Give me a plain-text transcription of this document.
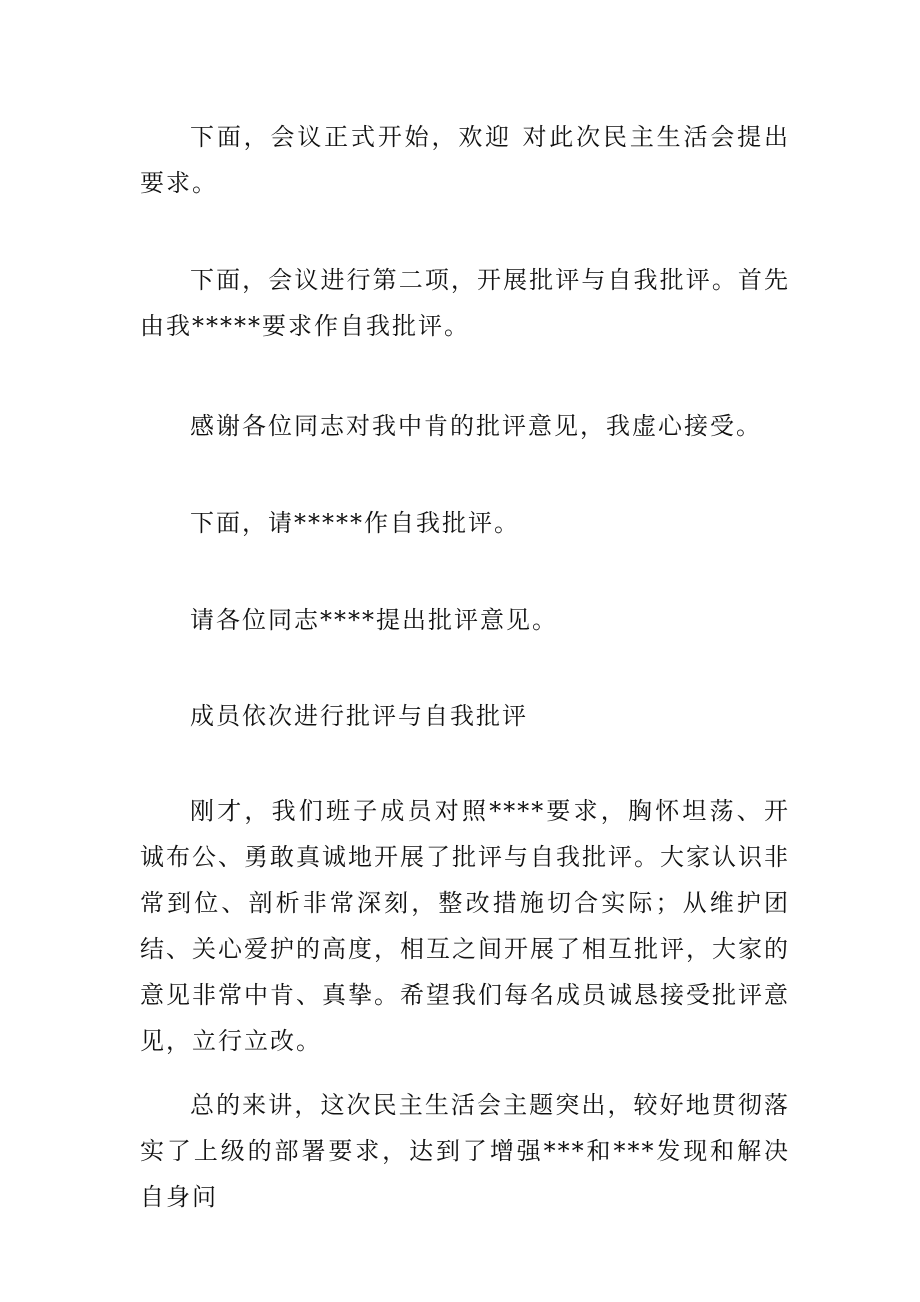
下面，会议正式开始，欢迎 对此次民主生活会提出要求。

下面，会议进行第二项，开展批评与自我批评。首先由我*****要求作自我批评。

感谢各位同志对我中肯的批评意见，我虚心接受。

下面，请*****作自我批评。

请各位同志****提出批评意见。

成员依次进行批评与自我批评

刚才，我们班子成员对照****要求，胸怀坦荡、开诚布公、勇敢真诚地开展了批评与自我批评。大家认识非常到位、剖析非常深刻，整改措施切合实际；从维护团结、关心爱护的高度，相互之间开展了相互批评，大家的意见非常中肯、真挚。希望我们每名成员诚恳接受批评意见，立行立改。

总的来讲，这次民主生活会主题突出，较好地贯彻落实了上级的部署要求，达到了增强***和***发现和解决自身问
